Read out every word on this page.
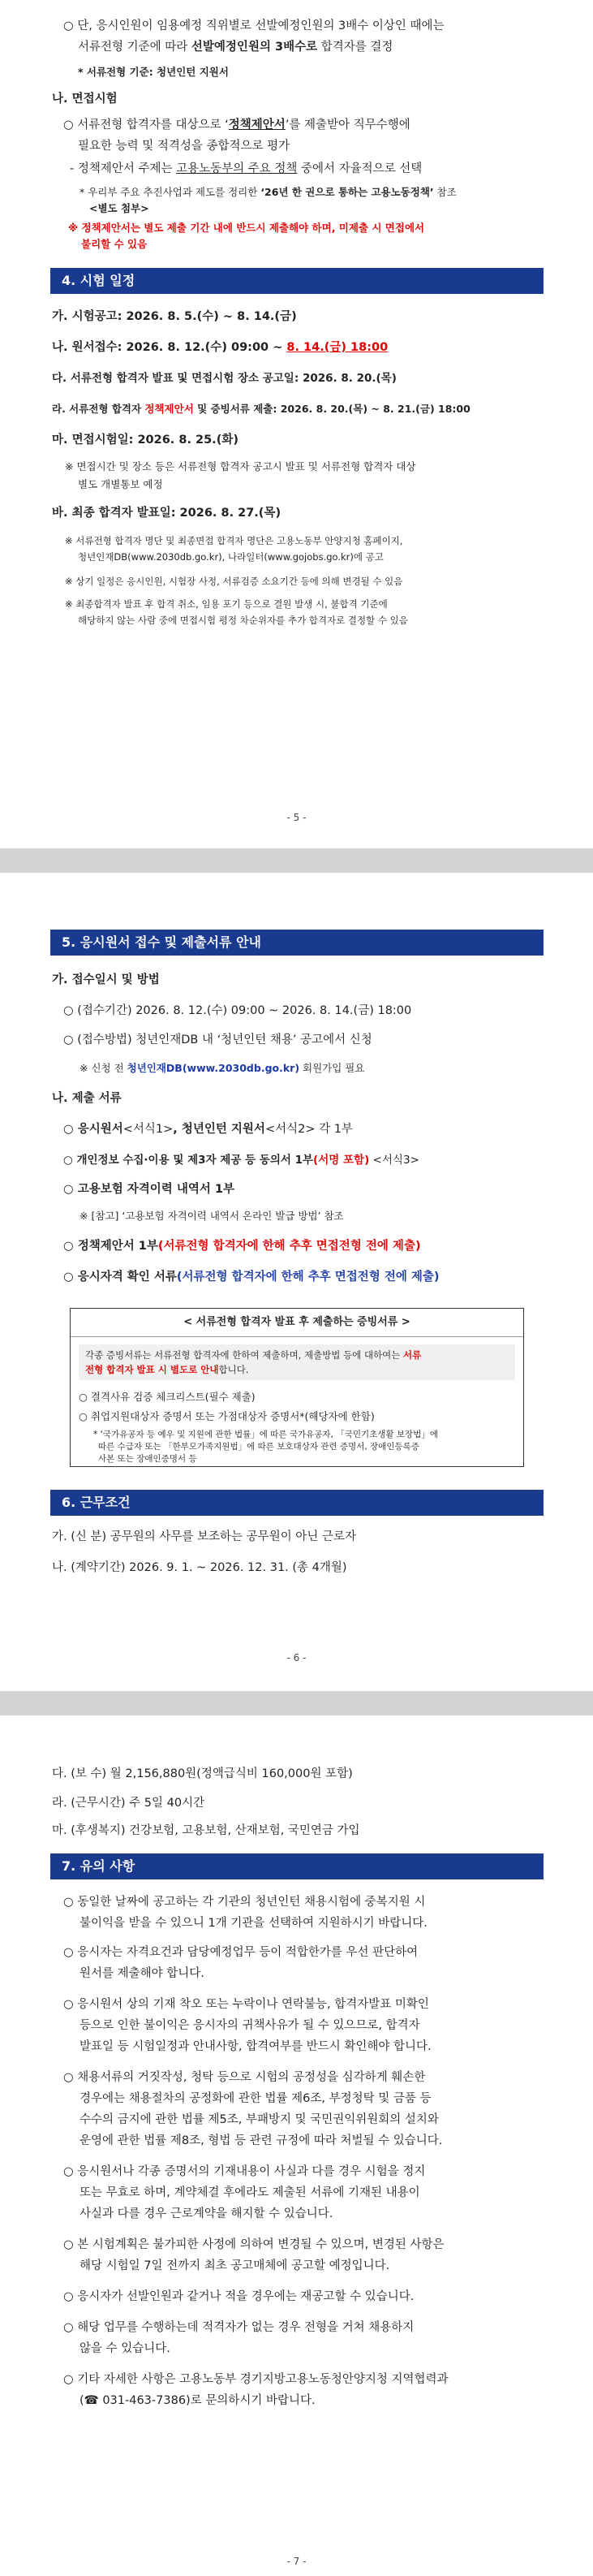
○ 단, 응시인원이 임용예정 직위별로 선발예정인원의 3배수 이상인 때에는
서류전형 기준에 따라 선발예정인원의 3배수로 합격자를 결정
* 서류전형 기준: 청년인턴 지원서
나. 면접시험
○ 서류전형 합격자를 대상으로 ‘정책제안서’를 제출받아 직무수행에
필요한 능력 및 적격성을 종합적으로 평가
- 정책제안서 주제는 고용노동부의 주요 정책 중에서 자율적으로 선택
* 우리부 주요 추진사업과 제도를 정리한 ‘26년 한 권으로 통하는 고용노동정책’ 참조
<별도 첨부>
※ 정책제안서는 별도 제출 기간 내에 반드시 제출해야 하며, 미제출 시 면접에서
불리할 수 있음
4. 시험 일정
가. 시험공고: 2026. 8. 5.(수) ~ 8. 14.(금)
나. 원서접수: 2026. 8. 12.(수) 09:00 ~ 8. 14.(금) 18:00
다. 서류전형 합격자 발표 및 면접시험 장소 공고일: 2026. 8. 20.(목)
라. 서류전형 합격자 정책제안서 및 증빙서류 제출: 2026. 8. 20.(목) ~ 8. 21.(금) 18:00
마. 면접시험일: 2026. 8. 25.(화)
※ 면접시간 및 장소 등은 서류전형 합격자 공고시 발표 및 서류전형 합격자 대상
별도 개별통보 예정
바. 최종 합격자 발표일: 2026. 8. 27.(목)
※ 서류전형 합격자 명단 및 최종면접 합격자 명단은 고용노동부 안양지청 홈페이지,
청년인재DB(www.2030db.go.kr), 나라일터(www.gojobs.go.kr)에 공고
※ 상기 일정은 응시인원, 시험장 사정, 서류검증 소요기간 등에 의해 변경될 수 있음
※ 최종합격자 발표 후 합격 취소, 임용 포기 등으로 결원 발생 시, 불합격 기준에
해당하지 않는 사람 중에 면접시험 평정 차순위자를 추가 합격자로 결정할 수 있음
- 5 -
5. 응시원서 접수 및 제출서류 안내
가. 접수일시 및 방법
○ (접수기간) 2026. 8. 12.(수) 09:00 ~ 2026. 8. 14.(금) 18:00
○ (접수방법) 청년인재DB 내 ‘청년인턴 채용’ 공고에서 신청
※ 신청 전 청년인재DB(www.2030db.go.kr) 회원가입 필요
나. 제출 서류
○ 응시원서<서식1>, 청년인턴 지원서<서식2> 각 1부
○ 개인정보 수집·이용 및 제3자 제공 등 동의서 1부(서명 포함) <서식3>
○ 고용보험 자격이력 내역서 1부
※ [참고] ‘고용보험 자격이력 내역서 온라인 발급 방법’ 참조
○ 정책제안서 1부(서류전형 합격자에 한해 추후 면접전형 전에 제출)
○ 응시자격 확인 서류(서류전형 합격자에 한해 추후 면접전형 전에 제출)
< 서류전형 합격자 발표 후 제출하는 증빙서류 >
각종 증빙서류는 서류전형 합격자에 한하여 제출하며, 제출방법 등에 대하여는 서류
전형 합격자 발표 시 별도로 안내합니다.
○ 결격사유 검증 체크리스트(필수 제출)
○ 취업지원대상자 증명서 또는 가점대상자 증명서*(해당자에 한함)
* ‘국가유공자 등 예우 및 지원에 관한 법률」에 따른 국가유공자, 「국민기초생활 보장법」에
따른 수급자 또는 「한부모가족지원법」에 따른 보호대상자 관련 증명서, 장애인등록증
사본 또는 장애인증명서 등
6. 근무조건
가. (신 분) 공무원의 사무를 보조하는 공무원이 아닌 근로자
나. (계약기간) 2026. 9. 1. ~ 2026. 12. 31. (총 4개월)
- 6 -
다. (보 수) 월 2,156,880원(정액급식비 160,000원 포함)
라. (근무시간) 주 5일 40시간
마. (후생복지) 건강보험, 고용보험, 산재보험, 국민연금 가입
7. 유의 사항
○ 동일한 날짜에 공고하는 각 기관의 청년인턴 채용시험에 중복지원 시
불이익을 받을 수 있으니 1개 기관을 선택하여 지원하시기 바랍니다.
○ 응시자는 자격요건과 담당예정업무 등이 적합한가를 우선 판단하여
원서를 제출해야 합니다.
○ 응시원서 상의 기재 착오 또는 누락이나 연락불능, 합격자발표 미확인
등으로 인한 불이익은 응시자의 귀책사유가 될 수 있으므로, 합격자
발표일 등 시험일정과 안내사항, 합격여부를 반드시 확인해야 합니다.
○ 채용서류의 거짓작성, 청탁 등으로 시험의 공정성을 심각하게 훼손한
경우에는 채용절차의 공정화에 관한 법률 제6조, 부정청탁 및 금품 등
수수의 금지에 관한 법률 제5조, 부패방지 및 국민권익위원회의 설치와
운영에 관한 법률 제8조, 형법 등 관련 규정에 따라 처벌될 수 있습니다.
○ 응시원서나 각종 증명서의 기재내용이 사실과 다를 경우 시험을 정지
또는 무효로 하며, 계약체결 후에라도 제출된 서류에 기재된 내용이
사실과 다를 경우 근로계약을 해지할 수 있습니다.
○ 본 시험계획은 불가피한 사정에 의하여 변경될 수 있으며, 변경된 사항은
해당 시험일 7일 전까지 최초 공고매체에 공고할 예정입니다.
○ 응시자가 선발인원과 같거나 적을 경우에는 재공고할 수 있습니다.
○ 해당 업무를 수행하는데 적격자가 없는 경우 전형을 거쳐 채용하지
않을 수 있습니다.
○ 기타 자세한 사항은 고용노동부 경기지방고용노동청안양지청 지역협력과
(☎ 031-463-7386)로 문의하시기 바랍니다.
- 7 -
